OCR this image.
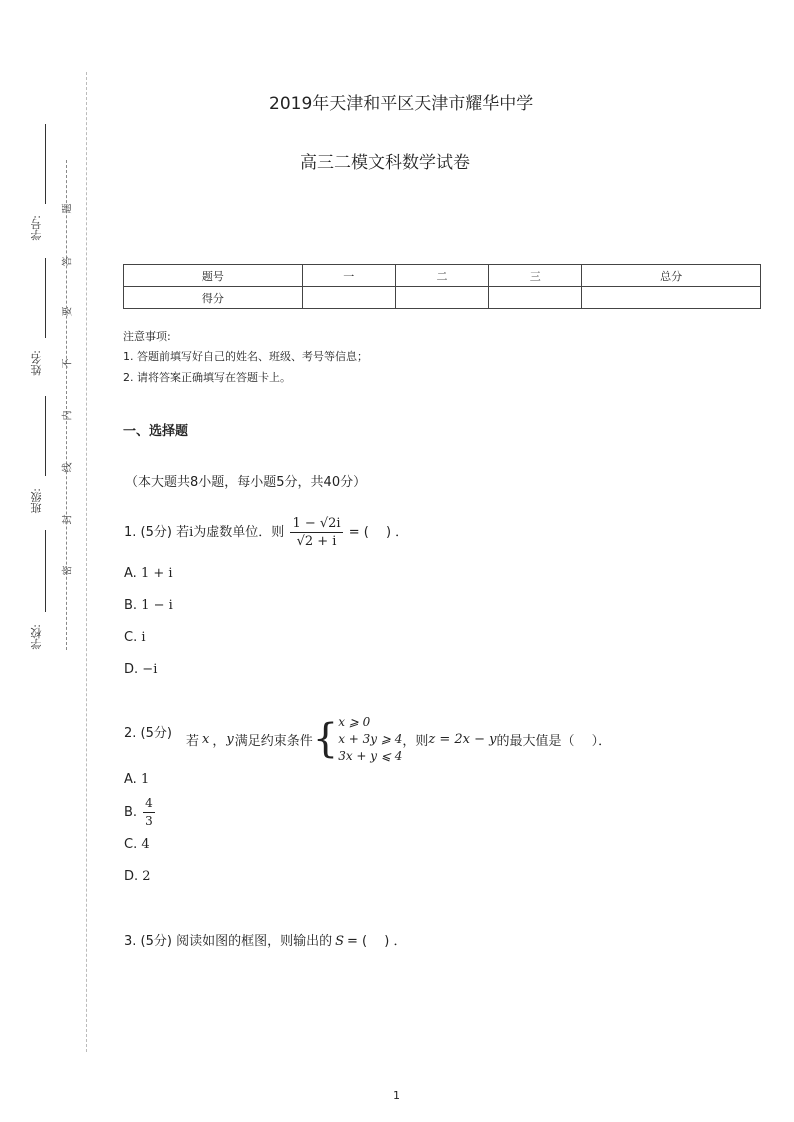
学号:
姓名:
班级:
学校:
题
答
要
不
内
线
封
密
2019年天津和平区天津市耀华中学
高三二模文科数学试卷
题号	一	二	三	总分
得分				
注意事项:
1. 答题前填写好自己的姓名、班级、考号等信息；
2. 请将答案正确填写在答题卡上。
一、选择题
（本大题共8小题，每小题5分，共40分）
1. (5分) 若i为虚数单位．则 $\frac{1 - √2i}{√2 + i}$ = (　 ) ．
A. 1 + i
B. 1 − i
C. i
D. −i
2. (5分) 若 x ， y 满足约束条件 { x ⩾ 0
x + 3y ⩾ 4
3x + y ⩽ 4
，则 z = 2x − y 的最大值是（　 ）．
A. 1
B. $\frac{4}{3}$
C. 4
D. 2
3. (5分) 阅读如图的框图，则输出的 S = (　 ) ．
1
